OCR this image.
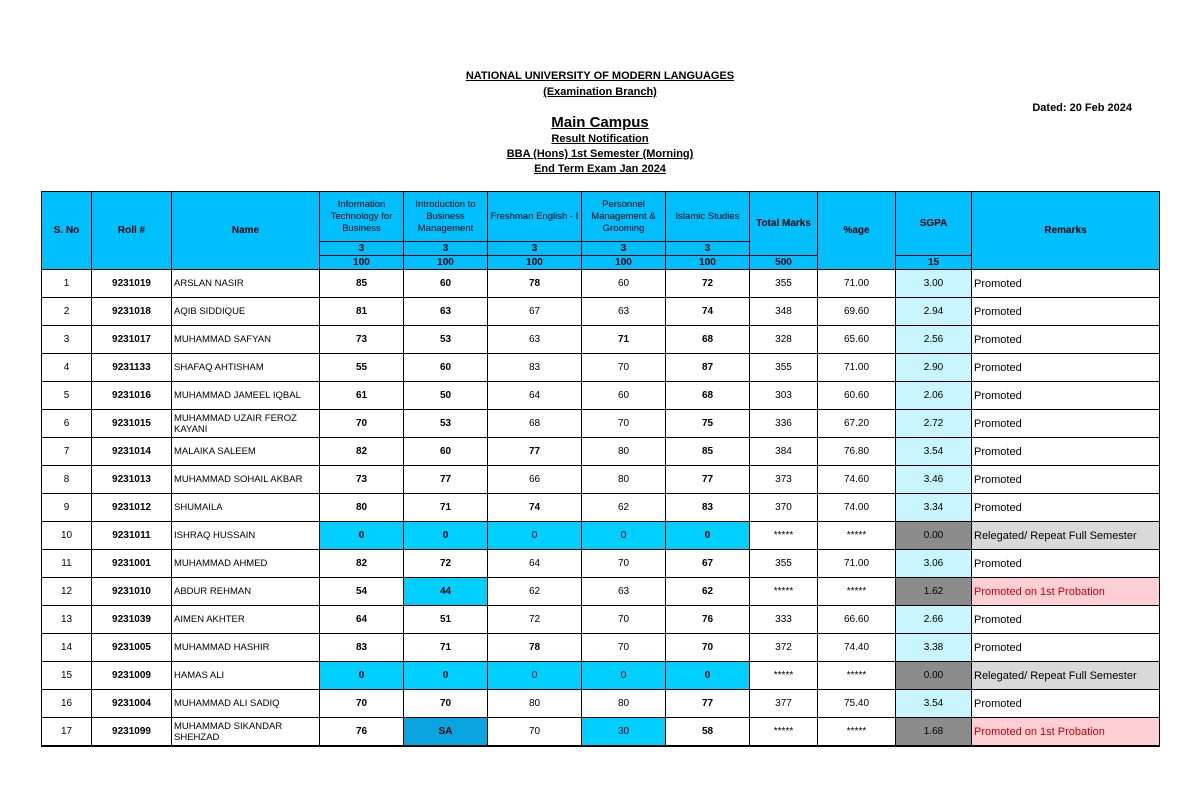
NATIONAL UNIVERSITY OF MODERN LANGUAGES
(Examination Branch)
Dated: 20 Feb 2024
Main Campus
Result Notification
BBA (Hons) 1st Semester (Morning)
End Term Exam Jan 2024
S. No	Roll #	Name	Information Technology for Business	Introduction to Business Management	Freshman English - I	Personnel Management & Grooming	Islamic Studies	Total Marks	%age	SGPA	Remarks
			3	3	3	3	3				
			100	100	100	100	100	500		15	
1	9231019	ARSLAN NASIR	85	60	78	60	72	355	71.00	3.00	Promoted
2	9231018	AQIB SIDDIQUE	81	63	67	63	74	348	69.60	2.94	Promoted
3	9231017	MUHAMMAD SAFYAN	73	53	63	71	68	328	65.60	2.56	Promoted
4	9231133	SHAFAQ AHTISHAM	55	60	83	70	87	355	71.00	2.90	Promoted
5	9231016	MUHAMMAD JAMEEL IQBAL	61	50	64	60	68	303	60.60	2.06	Promoted
6	9231015	MUHAMMAD UZAIR FEROZ KAYANI	70	53	68	70	75	336	67.20	2.72	Promoted
7	9231014	MALAIKA SALEEM	82	60	77	80	85	384	76.80	3.54	Promoted
8	9231013	MUHAMMAD SOHAIL AKBAR	73	77	66	80	77	373	74.60	3.46	Promoted
9	9231012	SHUMAILA	80	71	74	62	83	370	74.00	3.34	Promoted
10	9231011	ISHRAQ HUSSAIN	0	0	0	0	0	*****	*****	0.00	Relegated/ Repeat Full Semester
11	9231001	MUHAMMAD AHMED	82	72	64	70	67	355	71.00	3.06	Promoted
12	9231010	ABDUR REHMAN	54	44	62	63	62	*****	*****	1.62	Promoted on 1st Probation
13	9231039	AIMEN AKHTER	64	51	72	70	76	333	66.60	2.66	Promoted
14	9231005	MUHAMMAD HASHIR	83	71	78	70	70	372	74.40	3.38	Promoted
15	9231009	HAMAS ALI	0	0	0	0	0	*****	*****	0.00	Relegated/ Repeat Full Semester
16	9231004	MUHAMMAD ALI SADIQ	70	70	80	80	77	377	75.40	3.54	Promoted
17	9231099	MUHAMMAD SIKANDAR SHEHZAD	76	SA	70	30	58	*****	*****	1.68	Promoted on 1st Probation
